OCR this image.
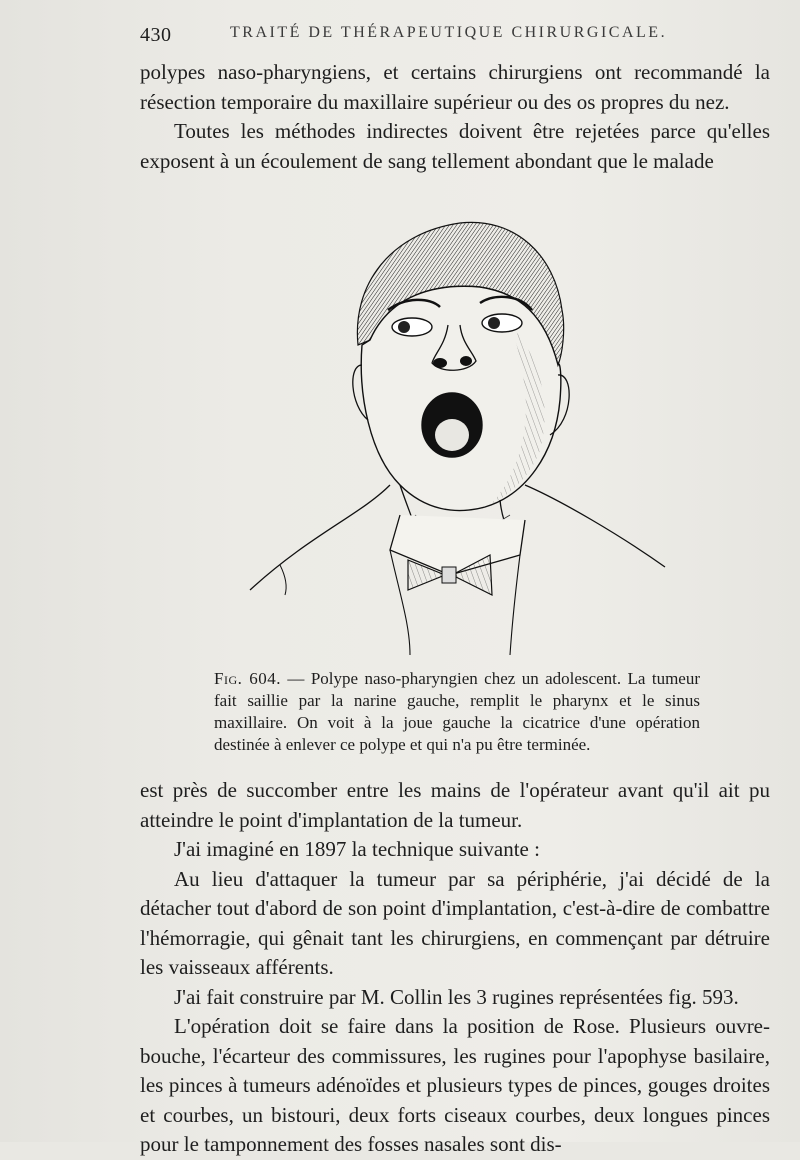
430	TRAITÉ DE THÉRAPEUTIQUE CHIRURGICALE.

polypes naso-pharyngiens, et certains chirurgiens ont recommandé la résection temporaire du maxillaire supérieur ou des os propres du nez.

Toutes les méthodes indirectes doivent être rejetées parce qu'elles exposent à un écoulement de sang tellement abondant que le malade

Fig. 604. — Polype naso-pharyngien chez un adolescent. La tumeur fait saillie par la narine gauche, remplit le pharynx et le sinus maxillaire. On voit à la joue gauche la cicatrice d'une opération destinée à enlever ce polype et qui n'a pu être terminée.

est près de succomber entre les mains de l'opérateur avant qu'il ait pu atteindre le point d'implantation de la tumeur.

J'ai imaginé en 1897 la technique suivante :

Au lieu d'attaquer la tumeur par sa périphérie, j'ai décidé de la détacher tout d'abord de son point d'implantation, c'est-à-dire de combattre l'hémorragie, qui gênait tant les chirurgiens, en commençant par détruire les vaisseaux afférents.

J'ai fait construire par M. Collin les 3 rugines représentées fig. 593.

L'opération doit se faire dans la position de Rose. Plusieurs ouvre-bouche, l'écarteur des commissures, les rugines pour l'apophyse basilaire, les pinces à tumeurs adénoïdes et plusieurs types de pinces, gouges droites et courbes, un bistouri, deux forts ciseaux courbes, deux longues pinces pour le tamponnement des fosses nasales sont dis-
